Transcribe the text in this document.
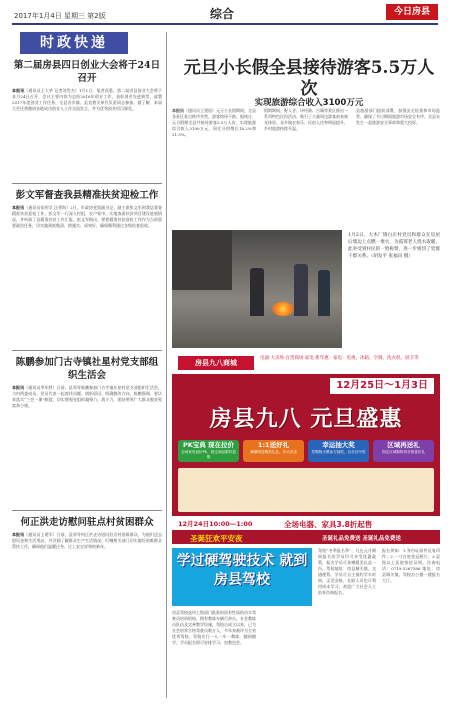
2017年1月4日 星期三 第2版	综合	今日房县
时政快递
第二届房县四日创业大会将于24日召开
本报讯（通讯员王大华 记者刘发杰）1月1日，笔者获悉，第二届房县创业大会将于本月24日召开，会议主要内容为总结2016年创业工作，表彰创业先进典型，部署2017年度创业工作任务，全县各乡镇、县直相关单位负责同志参加。据了解，本届大会还将邀请各地成功创业人士作交流发言，并为优秀创业项目颁奖。
彭文军督查我县精准扶贫迎检工作
本报讯（通讯员张明学 汪勇海）2日，市政协党组副书记、副主席彭文军到我县督查精准扶贫迎检工作。彭文军一行深入村组、农户家中，实地查看扶贫项目建设进展情况，并听取了县精准扶贫工作汇报。彭文军指出，要把精准扶贫迎检工作作为当前重要政治任务，切实做到底数清、措施实、成效好，确保顺利通过各级检查验收。
陈鹏参加门古寺镇社星村党支部组织生活会
本报讯（通讯员李军胜）日前，县领导陈鹏参加门古寺镇社星村党支部组织生活会，与村两委成员、党员代表一起查找问题、剖析原因、明确整改方向。陈鹏强调，要认真落实“三会一课”制度，切实增强党组织凝聚力、战斗力，团结带领广大群众脱贫致富奔小康。
何正洪走访慰问驻点村贫困群众
本报讯（通讯员王建军）日前，县领导何正洪走访慰问驻点村困难群众，为他们送去慰问金和生活用品，并详细了解群众生产生活情况，叮嘱相关部门切实做好困难群众帮扶工作，确保他们温暖过冬、过上安定祥和的新年。
元旦小长假全县接待游客5.5万人次
实现旅游综合收入3100万元
本报讯（通讯员王建国）元旦小长假期间，全县各景区景点秩序井然，游客络绎不绝。据统计，元旦假期全县共接待游客5.5万人次，实现旅游综合收入3100万元，同比分别增长18.2%和21.5%。
假期期间，野人谷、诗经源、古城等景区推出一系列特色民俗活动，吸引了大量周边游客前来观光体验。各乡镇农家乐、民宿入住率明显提升，乡村旅游持续升温。
县旅游部门提前部署，加强安全检查和市场监管，确保了节日期间旅游市场安全有序，全县未发生一起旅游安全事故和重大投诉。
1月2日，大木厂镇白庄村党员和群众在房屋后墙边上点燃一堆火，为孤寡老人烧水取暖。此举受到村民的一致称赞，进一步密切了党群干群关系。（胡发平 张福田 摄）
房县九八商城
电器·大卖场·百货商场·家电·新年惠 · 家电：电视、冰箱、空调、洗衣机、厨卫等
12月25日～1月3日
房县九八 元旦盛惠
PK宝典 现在拉价
全场家电低价PK，指定商品限时抢购
1:1送好礼
满额即送精美礼品，多买多送
幸运抽大奖
凭购物小票参与抽奖，百分百中奖
区域再送礼
指定区域购物再享惊喜好礼
12月24日10:00—1:00	全场电器、家具3.8折起售
圣诞狂欢平安夜	圣诞礼品免费送 圣诞礼品免费送
学过硬驾驶技术 就到房县驾校
房县驾校是经上级部门批准的国有性质机动车驾驶员培训机构，拥有教练车辆百余台，专业教练员队伍及完善教学设施。驾校自成立以来，已为社会培养合格驾驶员数万人，多年来被评为全省优秀驾校。驾校实行一人一车一教练，随到随学，学员报名即可安排学习，包教包会。
驾校“冬季报名季”，凡在元月期间报名的学员均可享受优惠政策，报名学员可获赠精美礼品一份。驾校地址：房县城关镇，交通便利。学员可自主预约学车时间，灵活安排，在职人员也可利用周末学习。欢迎广大社会人士前来咨询报名。
报名须知：1.身份证原件及复印件；2.一寸白底免冠照片；3.县级以上医院体检证明。咨询电话：0719-3267586 地址：房县城关镇，驾校办公楼一楼报名大厅。
